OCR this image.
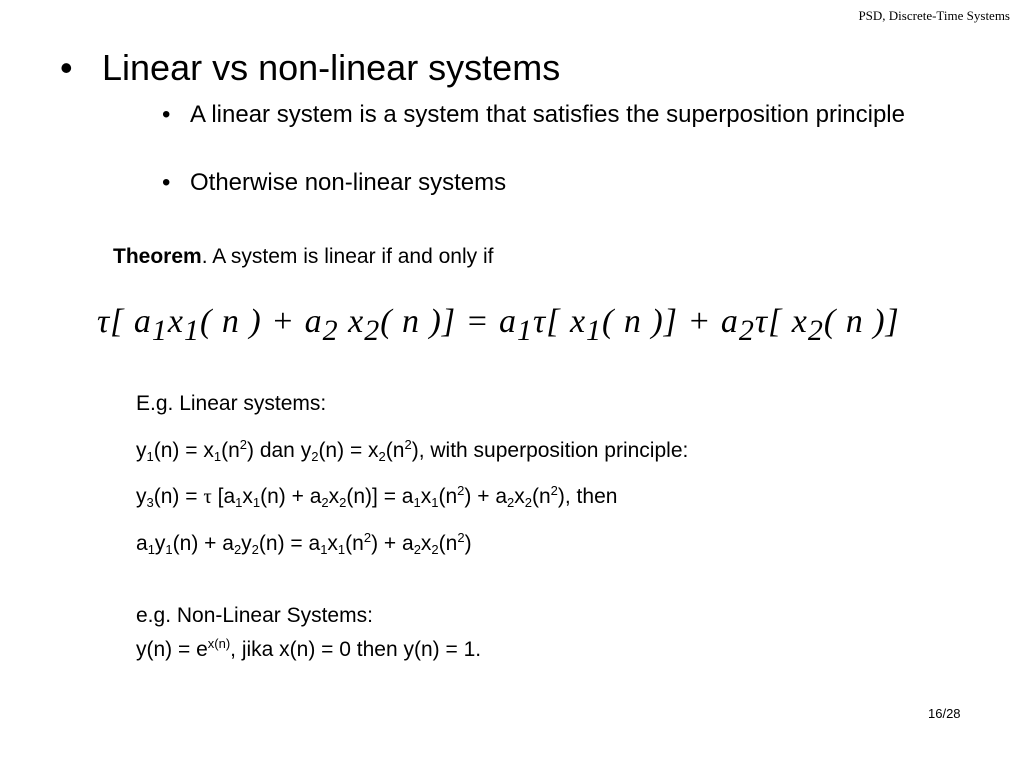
PSD, Discrete-Time Systems
• Linear vs non-linear systems
• A linear system is a system that satisfies the superposition principle
• Otherwise non-linear systems
Theorem. A system is linear if and only if
τ[ $a_1x_1$( n ) + $a_2$ $x_2$( n )] = $a_1\tau$[ $x_1$( n )] + $a_2\tau$[ $x_2$( n )]
E.g. Linear systems:
$y_1(n) = x_1(n^2)$ dan $y_2(n) = x_2(n^2)$, with superposition principle:
$y_3(n) = \tau$ $[a_1x_1(n) + a_2x_2(n)] = a_1x_1(n^2) + a_2x_2(n^2)$, then
$a_1y_1(n) + a_2y_2(n) = a_1x_1(n^2) + a_2x_2(n^2)$
e.g. Non-Linear Systems:
$y(n) = e^{x(n)}$, jika x(n) = 0 then y(n) = 1.
16/28
